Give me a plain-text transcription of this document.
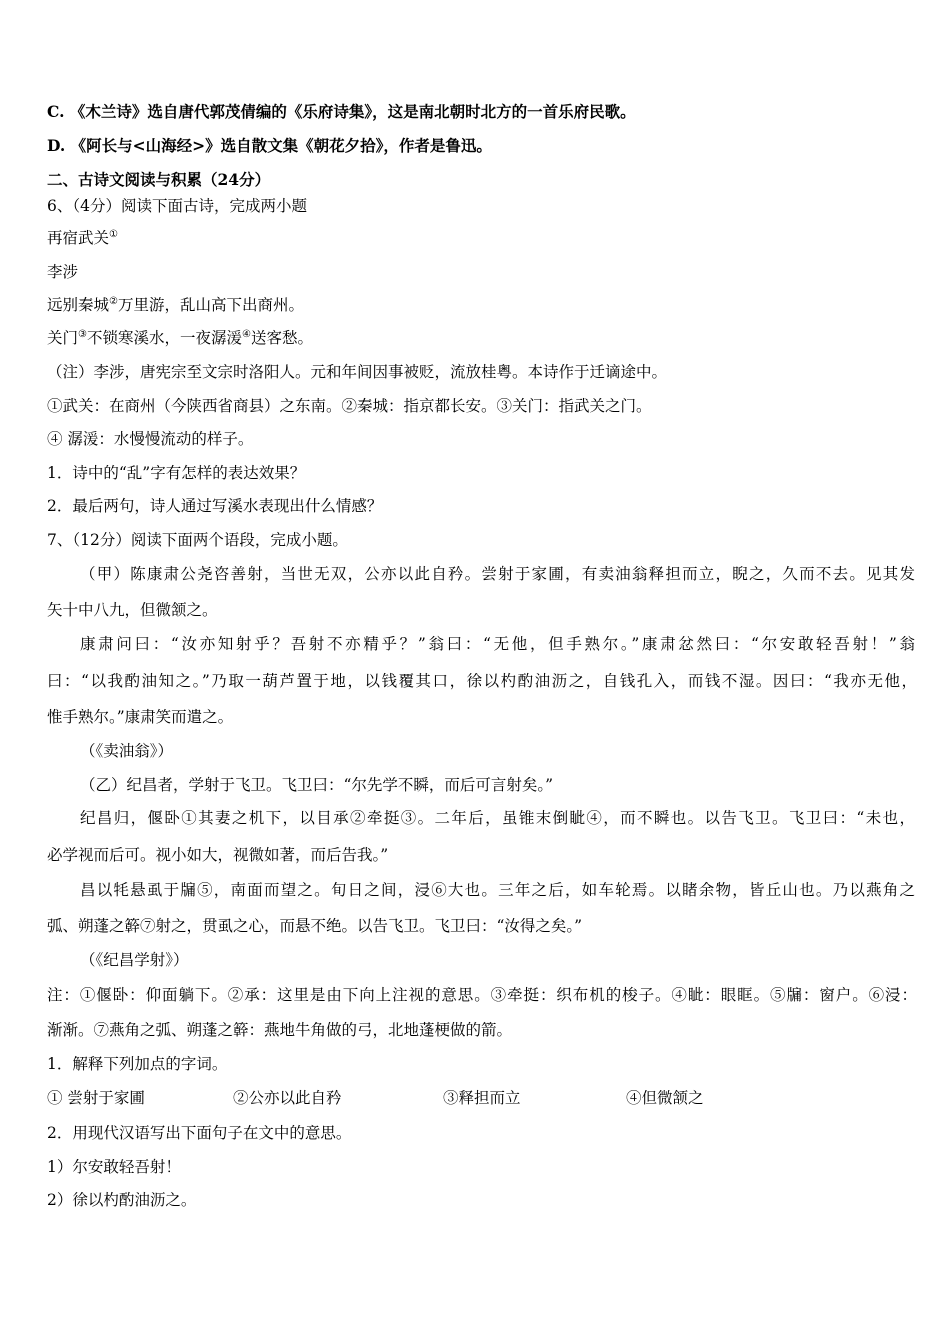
C. 《木兰诗》选自唐代郭茂倩编的《乐府诗集》，这是南北朝时北方的一首乐府民歌。
D. 《阿长与<山海经>》选自散文集《朝花夕拾》，作者是鲁迅。
二、古诗文阅读与积累（24分）
6、（4分）阅读下面古诗，完成两小题
再宿武关①
李涉
远别秦城②万里游，乱山高下出商州。
关门③不锁寒溪水，一夜潺湲④送客愁。
（注）李涉，唐宪宗至文宗时洛阳人。元和年间因事被贬，流放桂粤。本诗作于迁谪途中。
①武关：在商州（今陕西省商县）之东南。②秦城：指京都长安。③关门：指武关之门。
④ 潺湲：水慢慢流动的样子。
1．诗中的“乱”字有怎样的表达效果？
2．最后两句，诗人通过写溪水表现出什么情感？
7、（12分）阅读下面两个语段，完成小题。
（甲）陈康肃公尧咨善射，当世无双，公亦以此自矜。尝射于家圃，有卖油翁释担而立，睨之，久而不去。见其发
矢十中八九，但微颔之。
康肃问曰：“汝亦知射乎？吾射不亦精乎？”翁曰：“无他，但手熟尔。”康肃忿然曰：“尔安敢轻吾射！”翁
曰：“以我酌油知之。”乃取一葫芦置于地，以钱覆其口，徐以杓酌油沥之，自钱孔入，而钱不湿。因曰：“我亦无他，
惟手熟尔。”康肃笑而遣之。
（《卖油翁》）
（乙）纪昌者，学射于飞卫。飞卫曰：“尔先学不瞬，而后可言射矣。”
纪昌归，偃卧①其妻之机下，以目承②牵挺③。二年后，虽锥末倒眦④，而不瞬也。以告飞卫。飞卫曰：“未也，
必学视而后可。视小如大，视微如著，而后告我。”
昌以牦悬虱于牖⑤，南面而望之。旬日之间，浸⑥大也。三年之后，如车轮焉。以睹余物，皆丘山也。乃以燕角之
弧、朔蓬之簳⑦射之，贯虱之心，而悬不绝。以告飞卫。飞卫曰：“汝得之矣。”
（《纪昌学射》）
注：①偃卧：仰面躺下。②承：这里是由下向上注视的意思。③牵挺：织布机的梭子。④眦：眼眶。⑤牖：窗户。⑥浸：
渐渐。⑦燕角之弧、朔蓬之簳：燕地牛角做的弓，北地蓬梗做的箭。
1．解释下列加点的字词。
① 尝射于家圃	②公亦以此自矜	③释担而立	④但微颔之
2．用现代汉语写出下面句子在文中的意思。
1）尔安敢轻吾射！
2）徐以杓酌油沥之。
